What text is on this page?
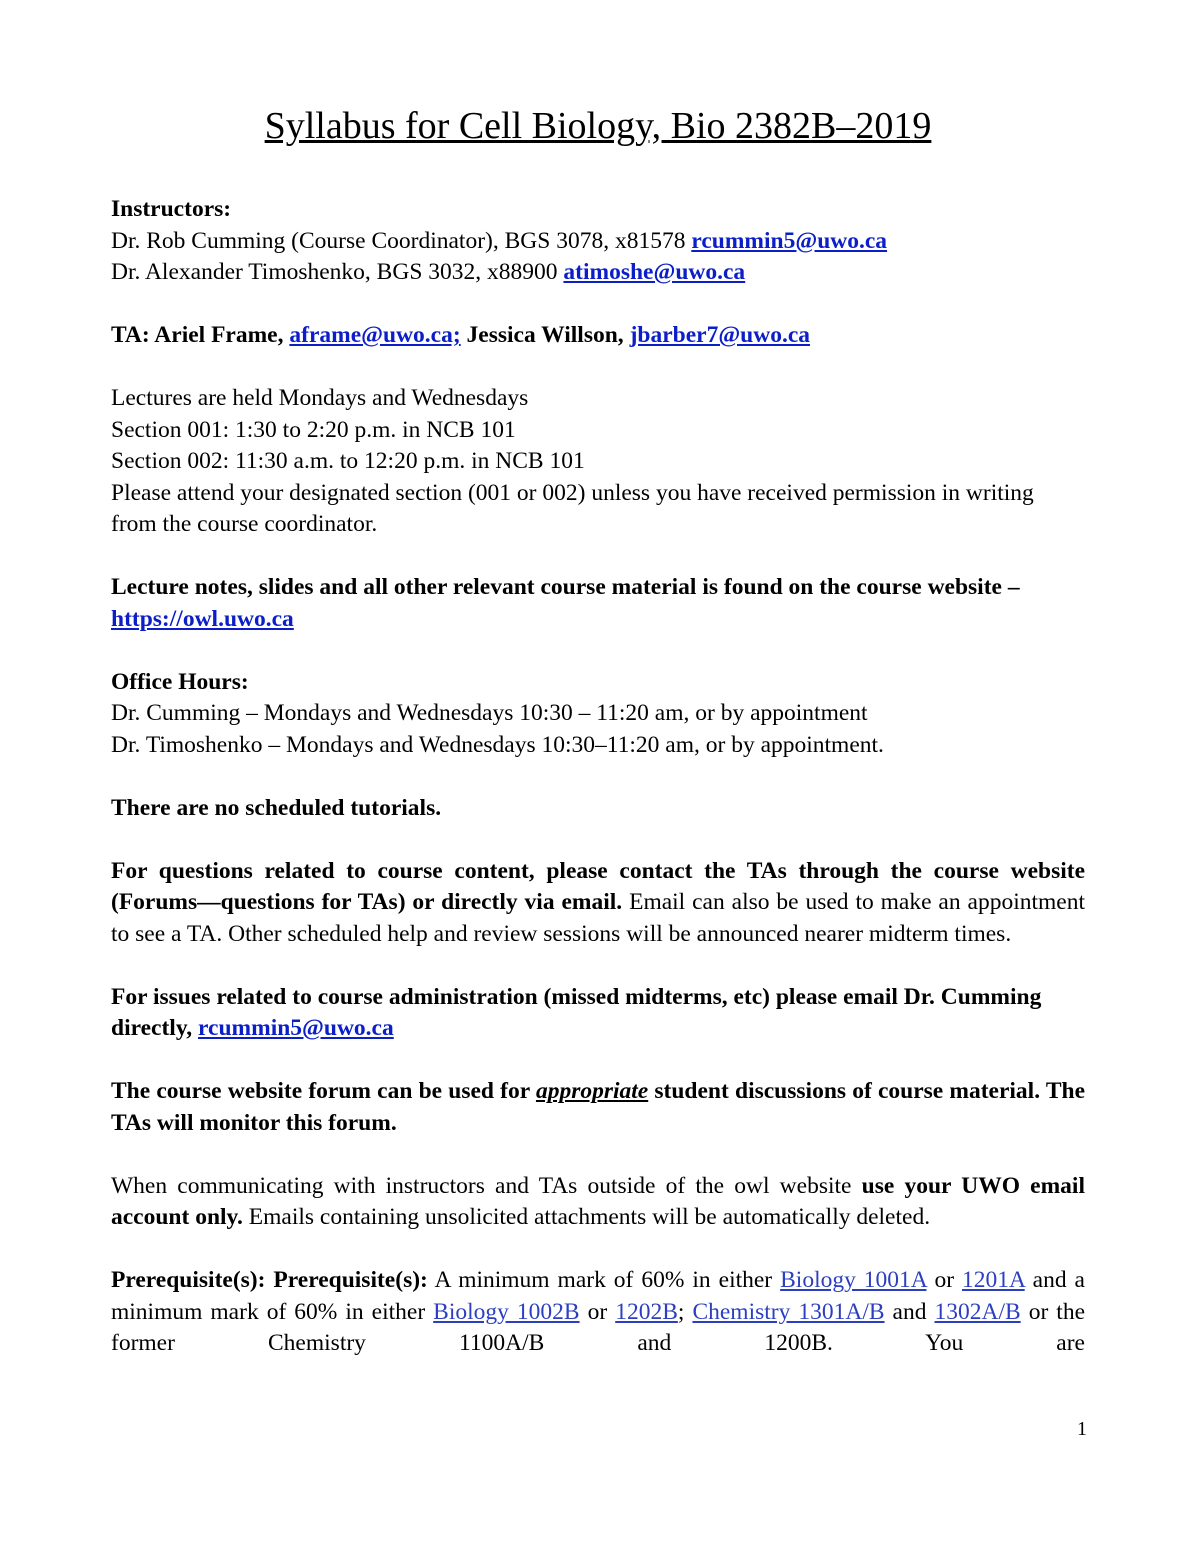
Syllabus for Cell Biology, Bio 2382B–2019

Instructors:

Dr. Rob Cumming (Course Coordinator), BGS 3078, x81578 rcummin5@uwo.ca

Dr. Alexander Timoshenko, BGS 3032, x88900 atimoshe@uwo.ca

TA: Ariel Frame, aframe@uwo.ca; Jessica Willson, jbarber7@uwo.ca

Lectures are held Mondays and Wednesdays

Section 001: 1:30 to 2:20 p.m. in NCB 101

Section 002: 11:30 a.m. to 12:20 p.m. in NCB 101

Please attend your designated section (001 or 002) unless you have received permission in writing from the course coordinator.

Lecture notes, slides and all other relevant course material is found on the course website – https://owl.uwo.ca

Office Hours:

Dr. Cumming – Mondays and Wednesdays 10:30 – 11:20 am, or by appointment

Dr. Timoshenko – Mondays and Wednesdays 10:30–11:20 am, or by appointment.

There are no scheduled tutorials.

For questions related to course content, please contact the TAs through the course website (Forums—questions for TAs) or directly via email. Email can also be used to make an appointment to see a TA. Other scheduled help and review sessions will be announced nearer midterm times.

For issues related to course administration (missed midterms, etc) please email Dr. Cumming directly, rcummin5@uwo.ca

The course website forum can be used for appropriate student discussions of course material. The TAs will monitor this forum.

When communicating with instructors and TAs outside of the owl website use your UWO email account only. Emails containing unsolicited attachments will be automatically deleted.

Prerequisite(s): Prerequisite(s): A minimum mark of 60% in either Biology 1001A or 1201A and a minimum mark of 60% in either Biology 1002B or 1202B; Chemistry 1301A/B and 1302A/B or the former Chemistry 1100A/B and 1200B. You are

1
